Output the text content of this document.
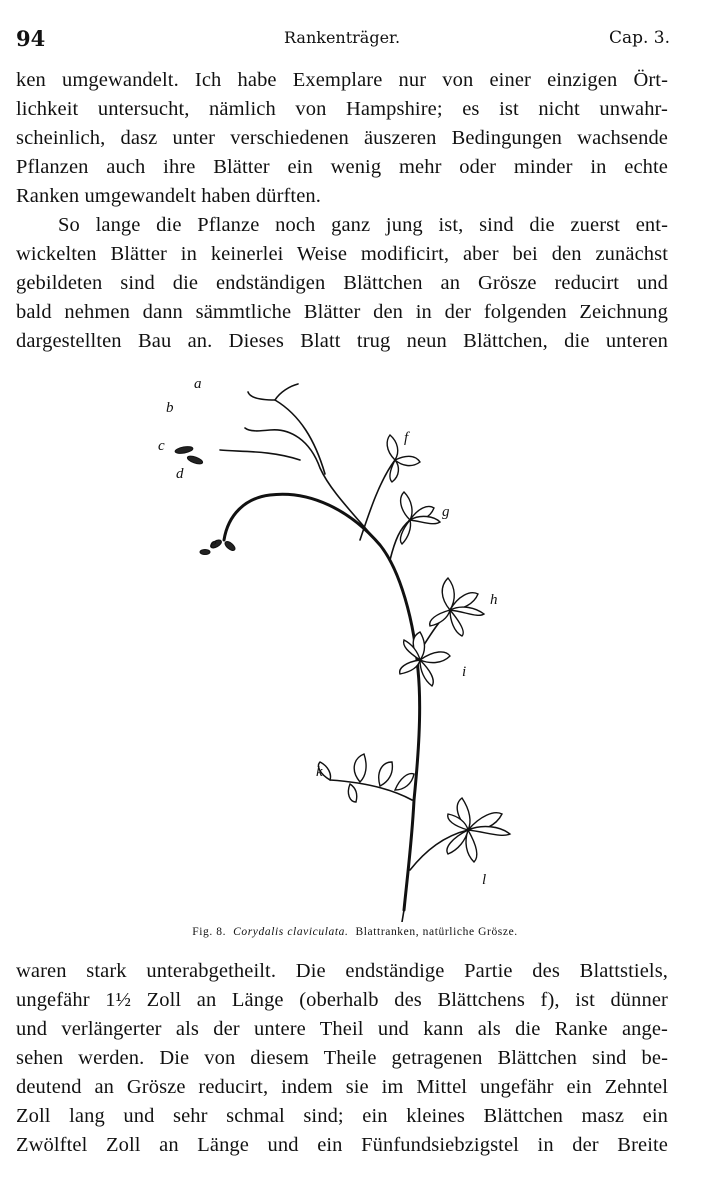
94	Rankenträger.	Cap. 3.
ken umgewandelt. Ich habe Exemplare nur von einer einzigen Ört-
lichkeit untersucht, nämlich von Hampshire; es ist nicht unwahr-
scheinlich, dasz unter verschiedenen äuszeren Bedingungen wachsende
Pflanzen auch ihre Blätter ein wenig mehr oder minder in echte
Ranken umgewandelt haben dürften.
So lange die Pflanze noch ganz jung ist, sind die zuerst ent-
wickelten Blätter in keinerlei Weise modificirt, aber bei den zunächst
gebildeten sind die endständigen Blättchen an Grösze reducirt und
bald nehmen dann sämmtliche Blätter den in der folgenden Zeichnung
dargestellten Bau an. Dieses Blatt trug neun Blättchen, die unteren
a
b
c
d
e
f
g
h
i
k
l
Fig. 8. Corydalis claviculata. Blattranken, natürliche Grösze.
waren stark unterabgetheilt. Die endständige Partie des Blattstiels,
ungefähr 1½ Zoll an Länge (oberhalb des Blättchens f), ist dünner
und verlängerter als der untere Theil und kann als die Ranke ange-
sehen werden. Die von diesem Theile getragenen Blättchen sind be-
deutend an Grösze reducirt, indem sie im Mittel ungefähr ein Zehntel
Zoll lang und sehr schmal sind; ein kleines Blättchen masz ein
Zwölftel Zoll an Länge und ein Fünfundsiebzigstel in der Breite
